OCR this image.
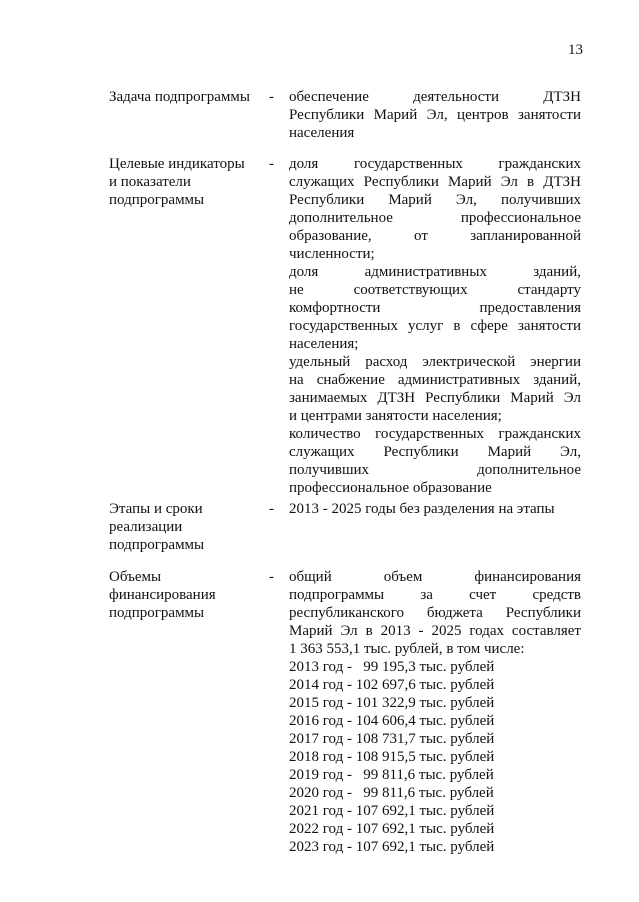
13
Задача подпрограммы	- обеспечение деятельности ДТЗН

Республики Марий Эл, центров занятости

населения

Целевые индикаторы
и показатели
подпрограммы
- доля государственных гражданских

служащих Республики Марий Эл в ДТЗН

Республики Марий Эл, получивших

дополнительное профессиональное

образование, от запланированной

численности;

доля административных зданий,

не соответствующих стандарту

комфортности предоставления

государственных услуг в сфере занятости

населения;

удельный расход электрической энергии

на снабжение административных зданий,

занимаемых ДТЗН Республики Марий Эл

и центрами занятости населения;

количество государственных гражданских

служащих Республики Марий Эл,

получивших дополнительное

профессиональное образование

Этапы и сроки
реализации
подпрограммы
- 2013 - 2025 годы без разделения на этапы

Объемы
финансирования
подпрограммы
- общий объем финансирования

подпрограммы за счет средств

республиканского бюджета Республики

Марий Эл в 2013 - 2025 годах составляет

1 363 553,1 тыс. рублей, в том числе:

2013 год -   99 195,3 тыс. рублей
2014 год - 102 697,6 тыс. рублей
2015 год - 101 322,9 тыс. рублей
2016 год - 104 606,4 тыс. рублей
2017 год - 108 731,7 тыс. рублей
2018 год - 108 915,5 тыс. рублей
2019 год -   99 811,6 тыс. рублей
2020 год -   99 811,6 тыс. рублей
2021 год - 107 692,1 тыс. рублей
2022 год - 107 692,1 тыс. рублей
2023 год - 107 692,1 тыс. рублей
